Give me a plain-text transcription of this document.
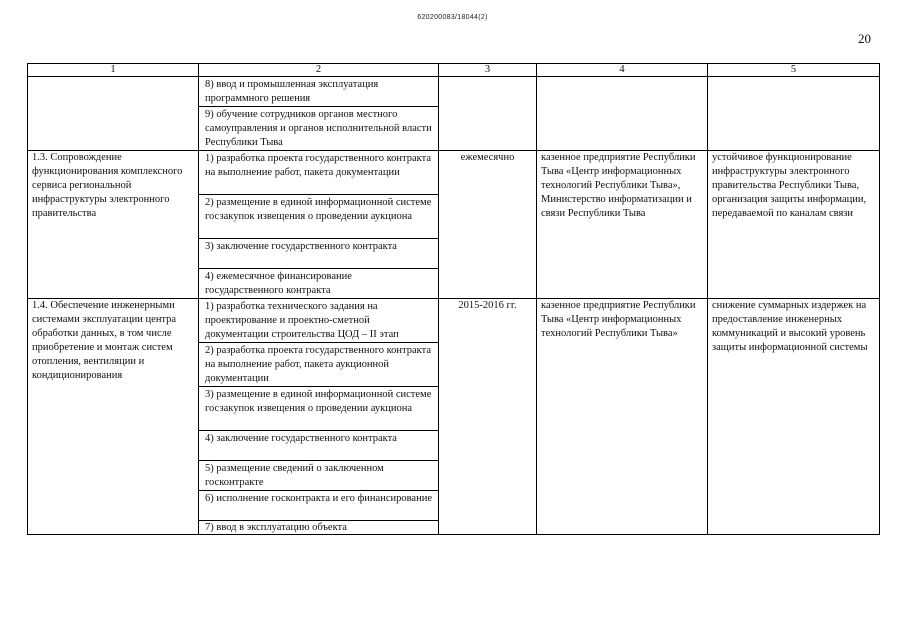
620200083/18044(2)
20
1	2	3	4	5
	8) ввод и промышленная эксплуатация программного решения			
	9) обучение сотрудников органов местного самоуправления и органов исполнительной власти Республики Тыва			
1.3. Сопровождение функционирования комплексного сервиса региональной инфраструктуры электронного правительства	1) разработка проекта государственного контракта на выполнение работ, пакета документации	ежемесячно	казенное предприятие Республики Тыва «Центр информационных технологий Республики Тыва», Министерство информатизации и связи Республики Тыва	устойчивое функционирование инфраструктуры электронного правительства Республики Тыва, организация защиты информации, передаваемой по каналам связи
	2) размещение в единой информационной системе госзакупок извещения о проведении аукциона			
	3) заключение государственного контракта			
	4) ежемесячное финансирование государственного контракта			
1.4. Обеспечение инженерными системами эксплуатации центра обработки данных, в том числе приобретение и монтаж систем отопления, вентиляции и кондиционирования	1) разработка технического задания на проектирование и проектно-сметной документации строительства ЦОД – II этап	2015-2016 гг.	казенное предприятие Республики Тыва «Центр информационных технологий Республики Тыва»	снижение суммарных издержек на предоставление инженерных коммуникаций и высокий уровень защиты информационной системы
	2) разработка проекта государственного контракта на выполнение работ, пакета аукционной документации			
	3) размещение в единой информационной системе госзакупок извещения о проведении аукциона			
	4) заключение государственного контракта			
	5) размещение сведений о заключенном госконтракте			
	6) исполнение госконтракта и его финансирование			
	7) ввод в эксплуатацию объекта			
